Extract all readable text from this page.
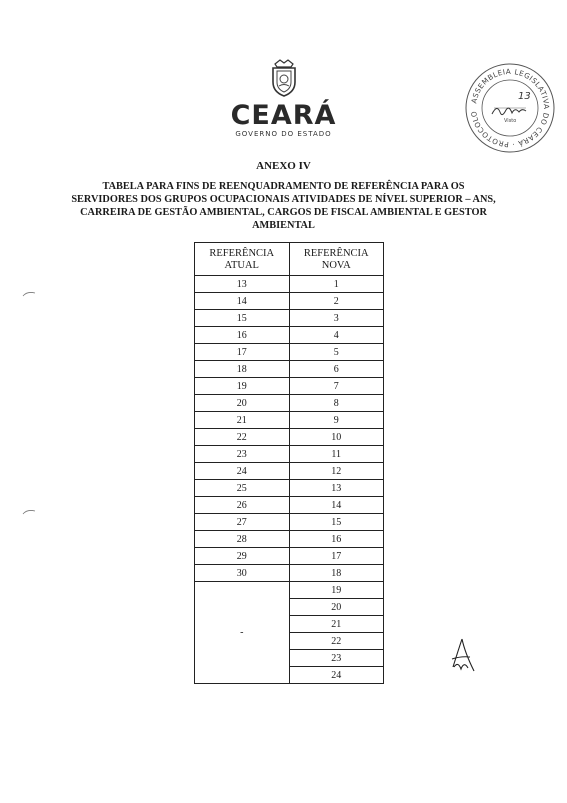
CEARÁ
GOVERNO DO ESTADO
ASSEMBLEIA LEGISLATIVA DO CEARÁ · PROTOCOLO
13
Visto
ANEXO IV
TABELA PARA FINS DE REENQUADRAMENTO DE REFERÊNCIA PARA OS SERVIDORES DOS GRUPOS OCUPACIONAIS ATIVIDADES DE NÍVEL SUPERIOR – ANS, CARREIRA DE GESTÃO AMBIENTAL, CARGOS DE FISCAL AMBIENTAL E GESTOR AMBIENTAL
REFERÊNCIA ATUAL	REFERÊNCIA NOVA
13	1
14	2
15	3
16	4
17	5
18	6
19	7
20	8
21	9
22	10
23	11
24	12
25	13
26	14
27	15
28	16
29	17
30	18
-	19
	20
	21
	22
	23
	24
